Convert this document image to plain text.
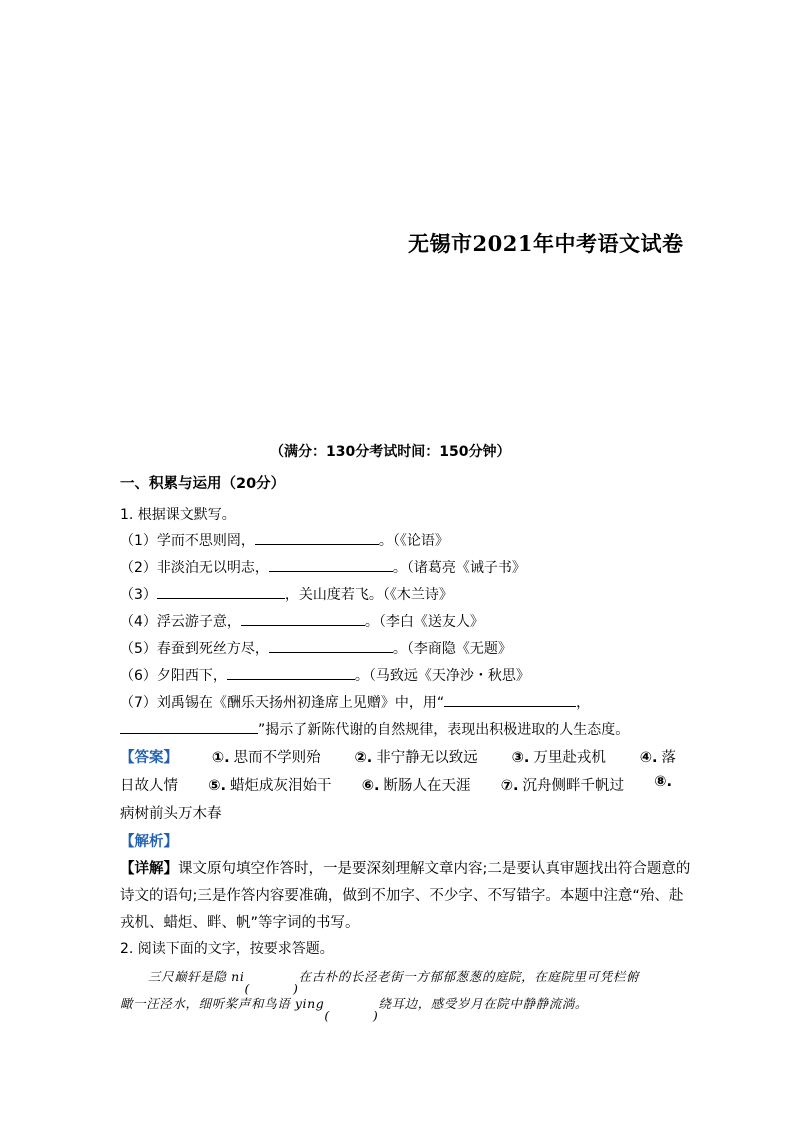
无锡市2021年中考语文试卷
（满分：130分考试时间：150分钟）
一、积累与运用（20分）
1. 根据课文默写。
（1）学而不思则罔，	。（《论语》
（2）非淡泊无以明志，	。（诸葛亮《诫子书》
（3）	，关山度若飞。（《木兰诗》
（4）浮云游子意，	。（李白《送友人》
（5）春蚕到死丝方尽，	。（李商隐《无题》
（6）夕阳西下，	。（马致远《天净沙・秋思》
（7）刘禹锡在《酬乐天扬州初逢席上见赠》中，用“	，
”揭示了新陈代谢的自然规律，表现出积极进取的人生态度。
【答案】 ①. 思而不学则殆 ②. 非宁静无以致远 ③. 万里赴戎机 ④. 落
日故人情 ⑤. 蜡炬成灰泪始干 ⑥. 断肠人在天涯 ⑦. 沉舟侧畔千帆过 ⑧.
病树前头万木春
【解析】
【详解】课文原句填空作答时，一是要深刻理解文章内容;二是要认真审题找出符合题意的
诗文的语句;三是作答内容要准确，做到不加字、不少字、不写错字。本题中注意“殆、赴
戎机、蜡炬、畔、帆”等字词的书写。
2. 阅读下面的文字，按要求答题。
三尺巅轩是隐 ni	在古朴的长泾老街一方郁郁葱葱的庭院，在庭院里可凭栏俯
瞰一汪泾水，细听桨声和鸟语 ying	绕耳边，感受岁月在院中静静流淌。
